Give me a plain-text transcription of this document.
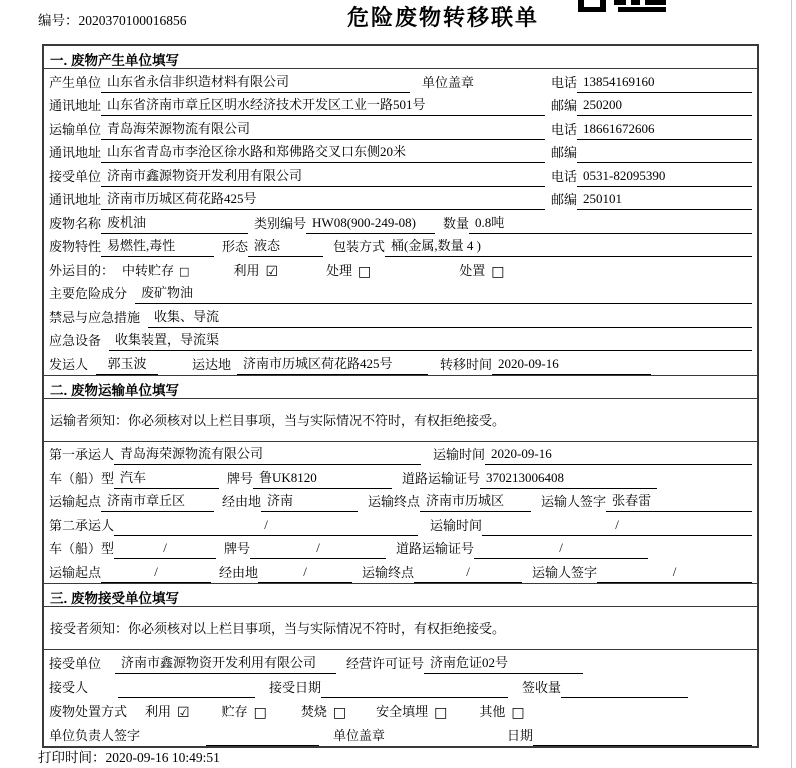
编号：2020370100016856	危险废物转移联单
一. 废物产生单位填写
产生单位 山东省永信非织造材料有限公司	单位盖章	电话 13854169160
通讯地址 山东省济南市章丘区明水经济技术开发区工业一路501号	邮编 250200
运输单位 青岛海荣源物流有限公司	电话 18661672606
通讯地址 山东省青岛市李沧区徐水路和郑佛路交叉口东侧20米	邮编
接受单位 济南市鑫源物资开发利用有限公司	电话 0531-82095390
通讯地址 济南市历城区荷花路425号	邮编 250101
废物名称 废机油	类别编号 HW08(900-249-08)	数量 0.8吨
废物特性 易燃性,毒性	形态 液态	包装方式 桶(金属,数量 4 )
外运目的： 中转贮存 □	利用 ☑	处理 □	处置 □
主要危险成分	废矿物油
禁忌与应急措施	收集、导流
应急设备	收集装置，导流渠
发运人	郭玉波	运达地 济南市历城区荷花路425号	转移时间 2020-09-16
二. 废物运输单位填写
运输者须知：你必须核对以上栏目事项，当与实际情况不符时，有权拒绝接受。
第一承运人 青岛海荣源物流有限公司	运输时间 2020-09-16
车（船）型 汽车	牌号 鲁UK8120	道路运输证号 370213006408
运输起点 济南市章丘区	经由地 济南	运输终点 济南市历城区	运输人签字 张春雷
第二承运人	/	运输时间	/
车（船）型	/	牌号	/	道路运输证号	/
运输起点	/	经由地	/	运输终点	/	运输人签字	/
三. 废物接受单位填写
接受者须知：你必须核对以上栏目事项，当与实际情况不符时，有权拒绝接受。
接受单位	济南市鑫源物资开发利用有限公司	经营许可证号 济南危证02号
接受人	接受日期	签收量
废物处置方式 利用 ☑ 贮存 □	焚烧 □ 安全填埋 □ 其他 □
单位负责人签字	单位盖章	日期
打印时间：2020-09-16 10:49:51
